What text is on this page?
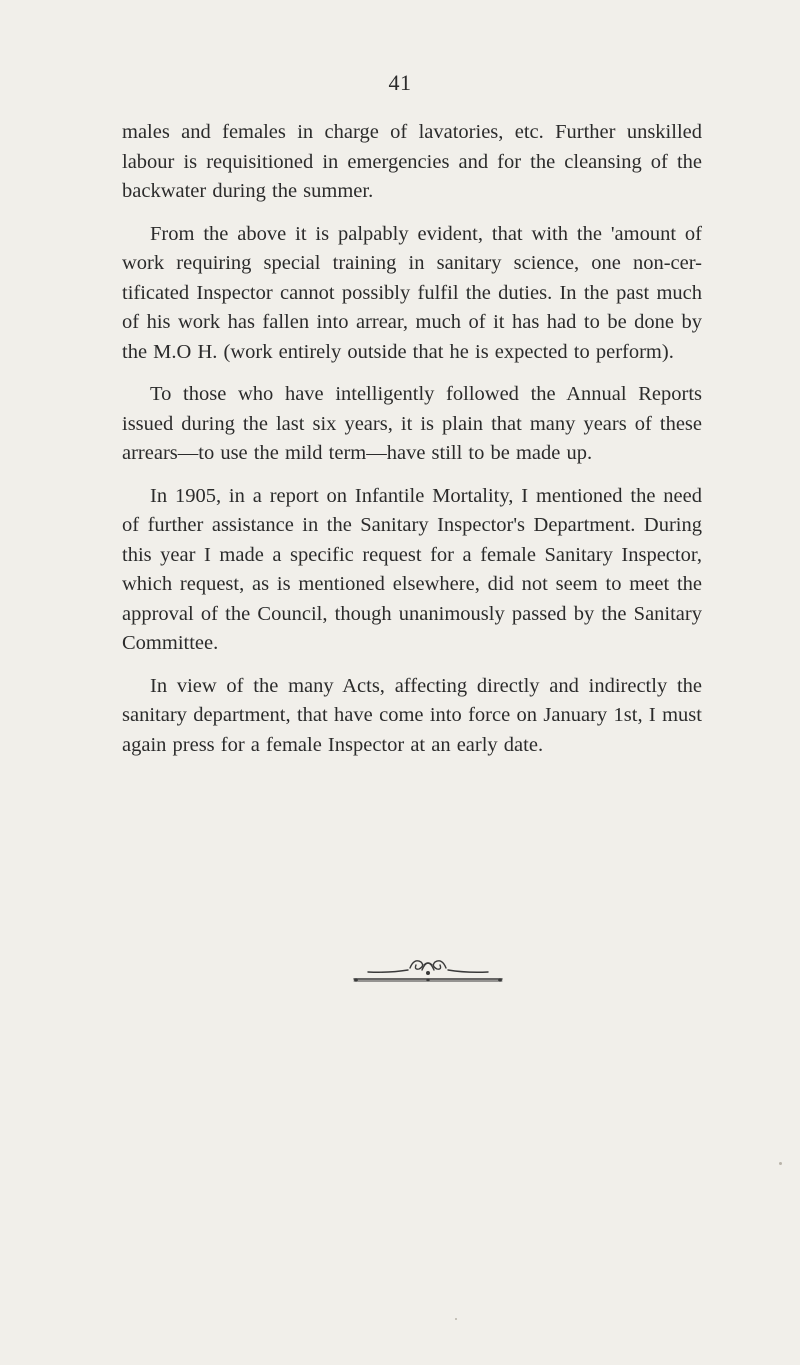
41

males and females in charge of lavatories, etc. Further unskilled labour is requisitioned in emergencies and for the cleansing of the backwater during the summer.

From the above it is palpably evident, that with the 'amount of work requiring special training in sanitary science, one non-cer-tificated Inspector cannot possibly fulfil the duties. In the past much of his work has fallen into arrear, much of it has had to be done by the M.O H. (work entirely outside that he is expected to perform).

To those who have intelligently followed the Annual Reports issued during the last six years, it is plain that many years of these arrears—to use the mild term—have still to be made up.

In 1905, in a report on Infantile Mortality, I mentioned the need of further assistance in the Sanitary Inspector's Department. During this year I made a specific request for a female Sanitary Inspector, which request, as is mentioned elsewhere, did not seem to meet the approval of the Council, though unanimously passed by the Sanitary Committee.

In view of the many Acts, affecting directly and indirectly the sanitary department, that have come into force on January 1st, I must again press for a female Inspector at an early date.
